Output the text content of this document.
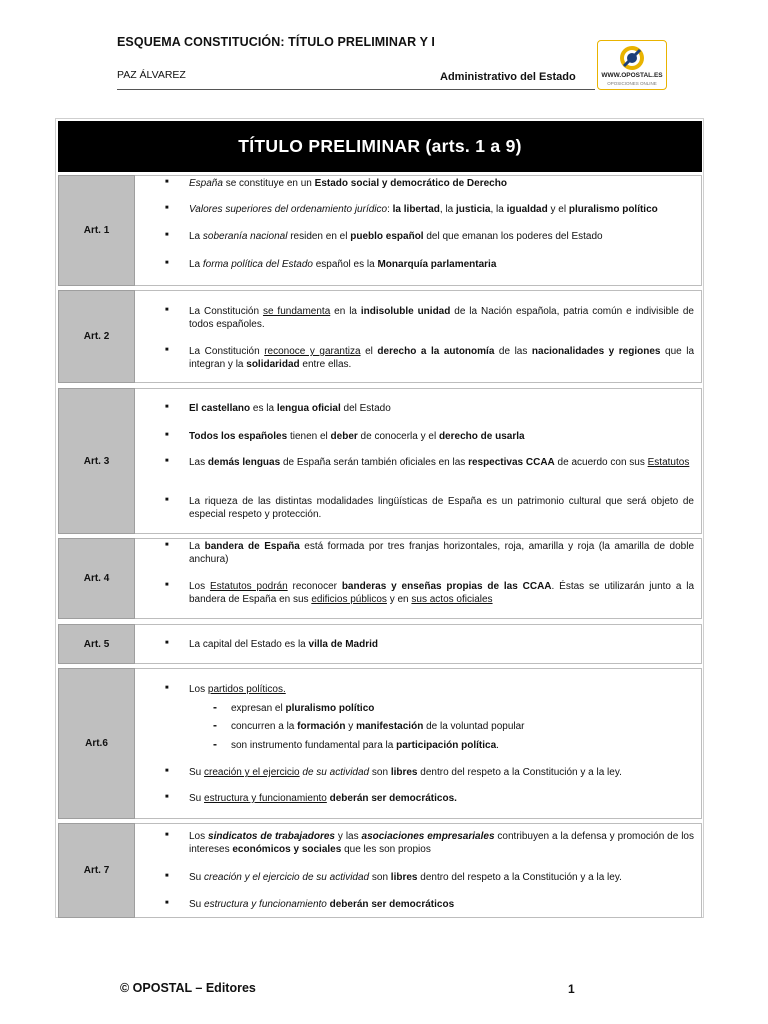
ESQUEMA CONSTITUCIÓN: TÍTULO PRELIMINAR Y I
PAZ ÁLVAREZ	Administrativo del Estado	WWW.OPOSTAL.ES
OPOSICIONES ONLINE
TÍTULO PRELIMINAR
(arts. 1 a 9)
Art. 1
■ España se constituye en un Estado social y democrático de Derecho
■ Valores superiores del ordenamiento jurídico: la libertad, la justicia, la igualdad y el pluralismo político
■ La soberanía nacional residen en el pueblo español del que emanan los poderes del Estado
■ La forma política del Estado español es la Monarquía parlamentaria
Art. 2
■ La Constitución se fundamenta en la indisoluble unidad de la Nación española, patria común e indivisible de todos españoles.
■ La Constitución reconoce y garantiza el derecho a la autonomía de las nacionalidades y regiones que la integran y la solidaridad entre ellas.
Art. 3
■ El castellano es la lengua oficial del Estado
■ Todos los españoles tienen el deber de conocerla y el derecho de usarla
■ Las demás lenguas de España serán también oficiales en las respectivas CCAA de acuerdo con sus Estatutos
■ La riqueza de las distintas modalidades lingüísticas de España es un patrimonio cultural que será objeto de especial respeto y protección.
Art. 4
■ La bandera de España está formada por tres franjas horizontales, roja, amarilla y roja (la amarilla de doble anchura)
■ Los Estatutos podrán reconocer banderas y enseñas propias de las CCAA. Éstas se utilizarán junto a la bandera de España en sus edificios públicos y en sus actos oficiales
Art. 5	■ La capital del Estado es la villa de Madrid
Art.6
■ Los partidos políticos.
- expresan el pluralismo político
- concurren a la formación y manifestación de la voluntad popular
- son instrumento fundamental para la participación política.
■ Su creación y el ejercicio de su actividad son libres dentro del respeto a la Constitución y a la ley.
■ Su estructura y funcionamiento deberán ser democráticos.
Art. 7
■ Los sindicatos de trabajadores y las asociaciones empresariales contribuyen a la defensa y promoción de los intereses económicos y sociales que les son propios
■ Su creación y el ejercicio de su actividad son libres dentro del respeto a la Constitución y a la ley.
■ Su estructura y funcionamiento deberán ser democráticos
© OPOSTAL – Editores	1
